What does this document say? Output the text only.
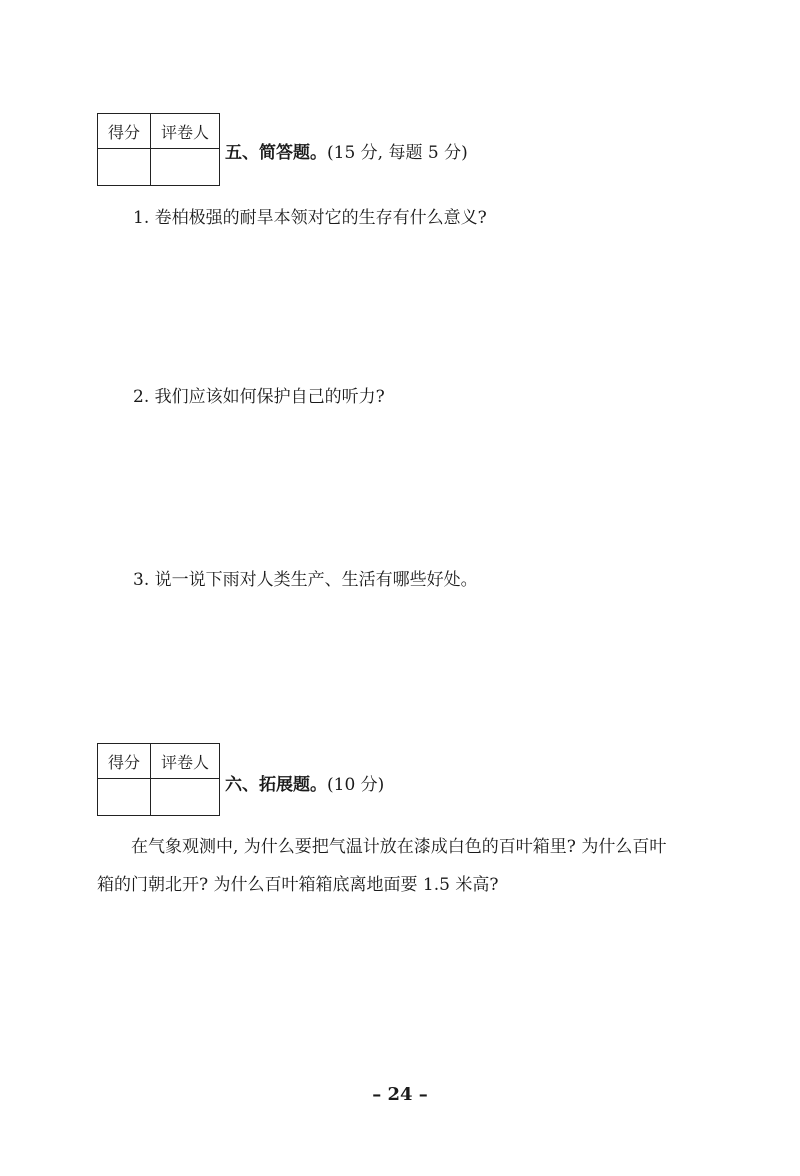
得分	评卷人

五、简答题。(15 分, 每题 5 分)
1. 卷柏极强的耐旱本领对它的生存有什么意义?
2. 我们应该如何保护自己的听力?
3. 说一说下雨对人类生产、生活有哪些好处。
得分	评卷人

六、拓展题。(10 分)
在气象观测中, 为什么要把气温计放在漆成白色的百叶箱里? 为什么百叶
箱的门朝北开? 为什么百叶箱箱底离地面要 1.5 米高?
– 24 –
